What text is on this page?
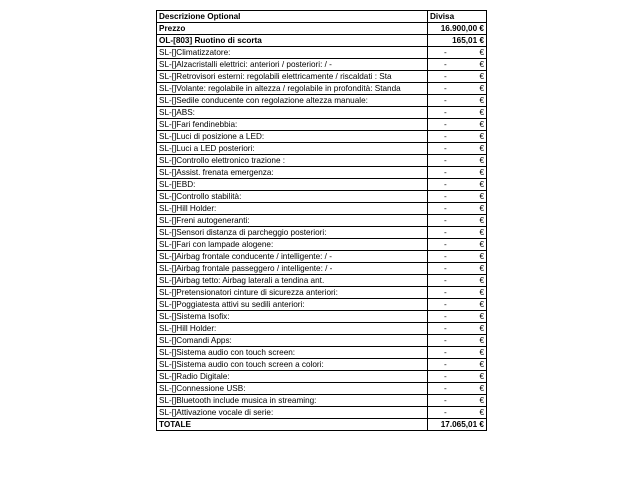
Descrizione Optional	Divisa
Prezzo	16.900,00 €
OL-[803] Ruotino di scorta	165,01 €
SL-[]Climatizzatore:	- €

SL-[]Alzacristalli elettrici: anteriori / posteriori: / -	- €

SL-[]Retrovisori esterni: regolabili elettricamente / riscaldati : Sta	- €

SL-[]Volante: regolabile in altezza / regolabile in profondità: Standa	- €

SL-[]Sedile conducente con regolazione altezza manuale:	- €

SL-[]ABS:	- €

SL-[]Fari fendinebbia:	- €

SL-[]Luci di posizione a LED:	- €

SL-[]Luci a LED posteriori:	- €

SL-[]Controllo elettronico trazione :	- €

SL-[]Assist. frenata emergenza:	- €

SL-[]EBD:	- €

SL-[]Controllo stabilità:	- €

SL-[]Hill Holder:	- €

SL-[]Freni autogeneranti:	- €

SL-[]Sensori distanza di parcheggio posteriori:	- €

SL-[]Fari con lampade alogene:	- €

SL-[]Airbag frontale conducente / intelligente: / -	- €

SL-[]Airbag frontale passeggero / intelligente: / -	- €

SL-[]Airbag tetto: Airbag laterali a tendina ant.	- €

SL-[]Pretensionatori cinture di sicurezza anteriori:	- €

SL-[]Poggiatesta attivi su sedili anteriori:	- €

SL-[]Sistema Isofix:	- €

SL-[]Hill Holder:	- €

SL-[]Comandi Apps:	- €

SL-[]Sistema audio con touch screen:	- €

SL-[]Sistema audio con touch screen a colori:	- €

SL-[]Radio Digitale:	- €

SL-[]Connessione USB:	- €

SL-[]Bluetooth include musica in streaming:	- €

SL-[]Attivazione vocale di serie:	- €

TOTALE	17.065,01 €
